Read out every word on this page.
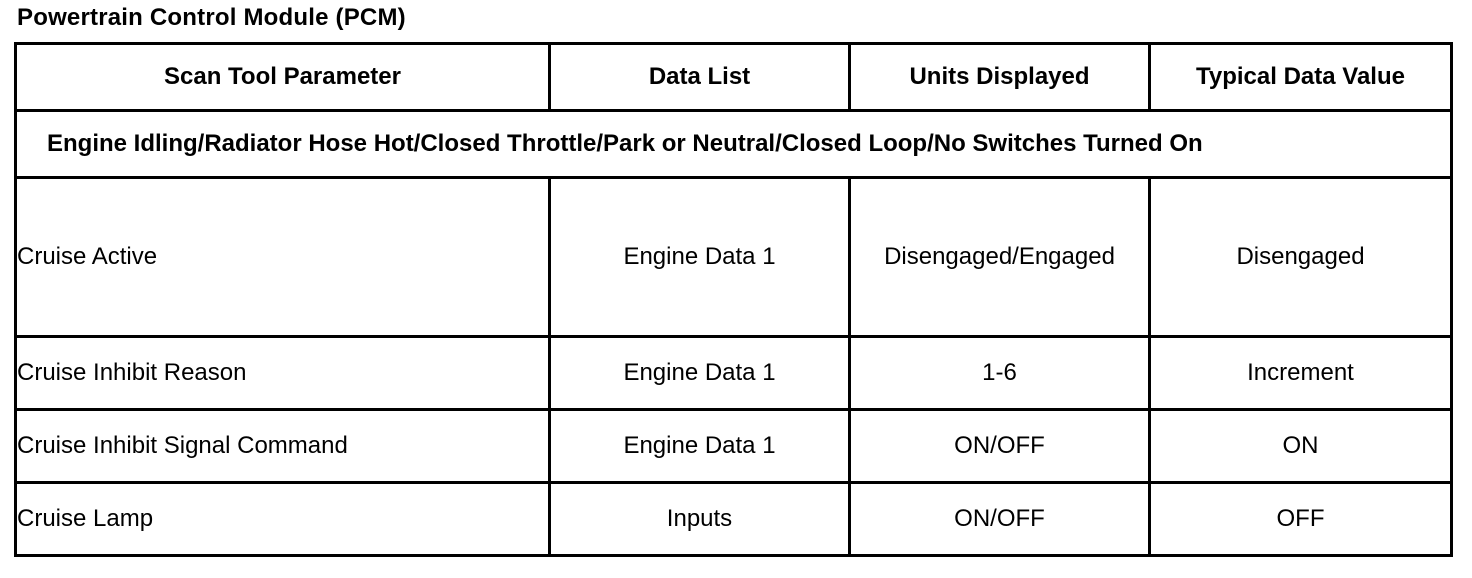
Powertrain Control Module (PCM)
Scan Tool Parameter	Data List	Units Displayed	Typical Data Value
Engine Idling/Radiator Hose Hot/Closed Throttle/Park or Neutral/Closed Loop/No Switches Turned On			
Cruise Active	Engine Data 1	Disengaged/Engaged	Disengaged
Cruise Inhibit Reason	Engine Data 1	1-6	Increment
Cruise Inhibit Signal Command	Engine Data 1	ON/OFF	ON
Cruise Lamp	Inputs	ON/OFF	OFF
